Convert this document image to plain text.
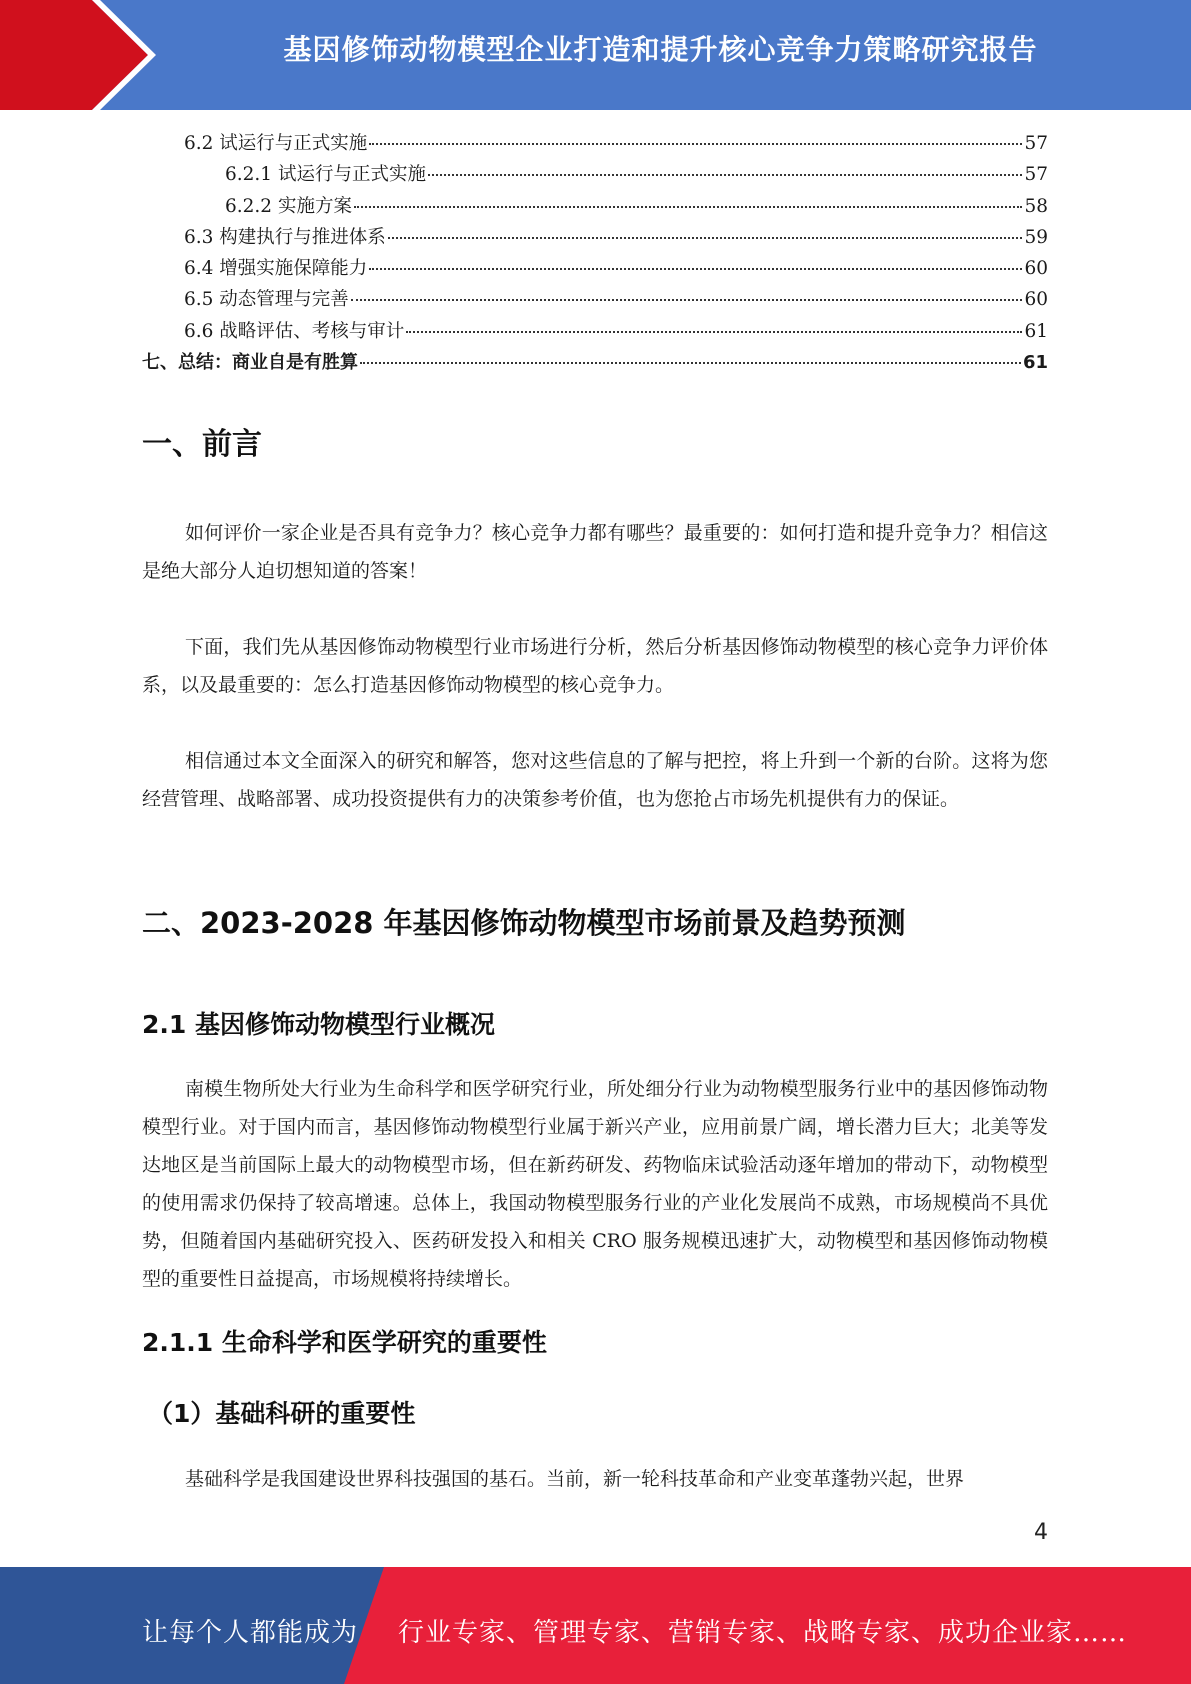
基因修饰动物模型企业打造和提升核心竞争力策略研究报告
6.2 试运行与正式实施	57
6.2.1 试运行与正式实施	57
6.2.2 实施方案	58
6.3 构建执行与推进体系	59
6.4 增强实施保障能力	60
6.5 动态管理与完善	60
6.6 战略评估、考核与审计	61
七、总结：商业自是有胜算	61
一、前言
如何评价一家企业是否具有竞争力？核心竞争力都有哪些？最重要的：如何打造和提升竞争力？相信这是绝大部分人迫切想知道的答案！
下面，我们先从基因修饰动物模型行业市场进行分析，然后分析基因修饰动物模型的核心竞争力评价体系，以及最重要的：怎么打造基因修饰动物模型的核心竞争力。
相信通过本文全面深入的研究和解答，您对这些信息的了解与把控，将上升到一个新的台阶。这将为您经营管理、战略部署、成功投资提供有力的决策参考价值，也为您抢占市场先机提供有力的保证。
二、2023-2028 年基因修饰动物模型市场前景及趋势预测
2.1 基因修饰动物模型行业概况
南模生物所处大行业为生命科学和医学研究行业，所处细分行业为动物模型服务行业中的基因修饰动物模型行业。对于国内而言，基因修饰动物模型行业属于新兴产业，应用前景广阔，增长潜力巨大；北美等发达地区是当前国际上最大的动物模型市场，但在新药研发、药物临床试验活动逐年增加的带动下，动物模型的使用需求仍保持了较高增速。总体上，我国动物模型服务行业的产业化发展尚不成熟，市场规模尚不具优势，但随着国内基础研究投入、医药研发投入和相关 CRO 服务规模迅速扩大，动物模型和基因修饰动物模型的重要性日益提高，市场规模将持续增长。
2.1.1 生命科学和医学研究的重要性
（1）基础科研的重要性
基础科学是我国建设世界科技强国的基石。当前，新一轮科技革命和产业变革蓬勃兴起，世界
4
让每个人都能成为 行业专家、管理专家、营销专家、战略专家、成功企业家……
